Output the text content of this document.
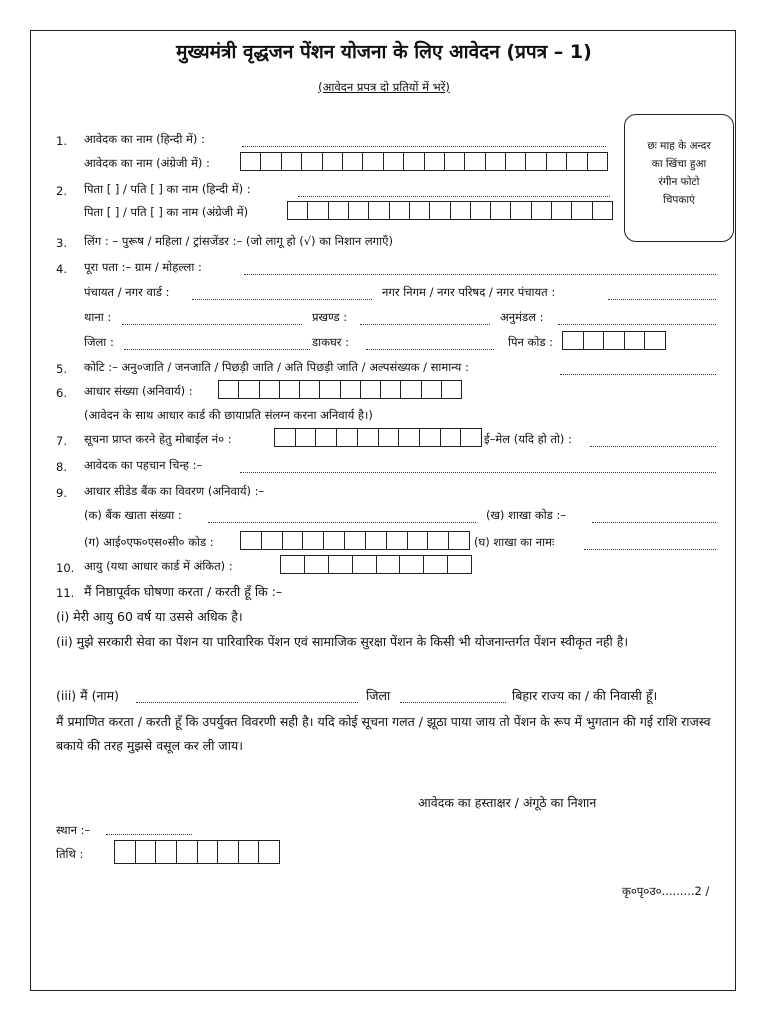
मुख्यमंत्री वृद्धजन पेंशन योजना के लिए आवेदन (प्रपत्र – 1)
(आवेदन प्रपत्र दो प्रतियों में भरें)
छः माह के अन्दर
का खिंचा हुआ
रंगीन फोटो
चिपकाएं
1. आवेदक का नाम (हिन्दी में) :
आवेदक का नाम (अंग्रेजी में) :
2. पिता [ ] / पति [ ] का नाम (हिन्दी में) :
पिता [ ] / पति [ ] का नाम (अंग्रेजी में)
3. लिंग : – पुरूष / महिला / ट्रांसजेंडर :– (जो लागू हो (√) का निशान लगाएँ)
4. पूरा पता :– ग्राम / मोहल्ला :
पंचायत / नगर वार्ड :	नगर निगम / नगर परिषद / नगर पंचायत :
थाना :	प्रखण्ड :	अनुमंडल :
जिला :	डाकघर :	पिन कोड :
5. कोटि :– अनु०जाति / जनजाति / पिछड़ी जाति / अति पिछड़ी जाति / अल्पसंख्यक / सामान्य :
6. आधार संख्या (अनिवार्य) :
(आवेदन के साथ आधार कार्ड की छायाप्रति संलग्न करना अनिवार्य है।)
7. सूचना प्राप्त करने हेतु मोबाईल नं० :	ई–मेल (यदि हो तो) :
8. आवेदक का पहचान चिन्ह :–
9. आधार सीडेड बैंक का विवरण (अनिवार्य) :–
(क) बैंक खाता संख्या :	(ख) शाखा कोड :–
(ग) आई०एफ०एस०सी० कोड :	(घ) शाखा का नामः
10. आयु (यथा आधार कार्ड में अंकित) :
11. मैं निष्ठापूर्वक घोषणा करता / करती हूँ कि :–
(i) मेरी आयु 60 वर्ष या उससे अधिक है।
(ii) मुझे सरकारी सेवा का पेंशन या पारिवारिक पेंशन एवं सामाजिक सुरक्षा पेंशन के किसी भी योजनान्तर्गत पेंशन स्वीकृत नही है।
(iii) मैं (नाम)	जिला	बिहार राज्य का / की निवासी हूँ।
मैं प्रमाणित करता / करती हूँ कि उपर्युक्त विवरणी सही है। यदि कोई सूचना गलत / झूठा पाया जाय तो पेंशन के रूप में भुगतान की गई राशि राजस्व बकाये की तरह मुझसे वसूल कर ली जाय।
आवेदक का हस्ताक्षर / अंगूठे का निशान
स्थान :–
तिथि :
कृ०पृ०उ०.........2 /
